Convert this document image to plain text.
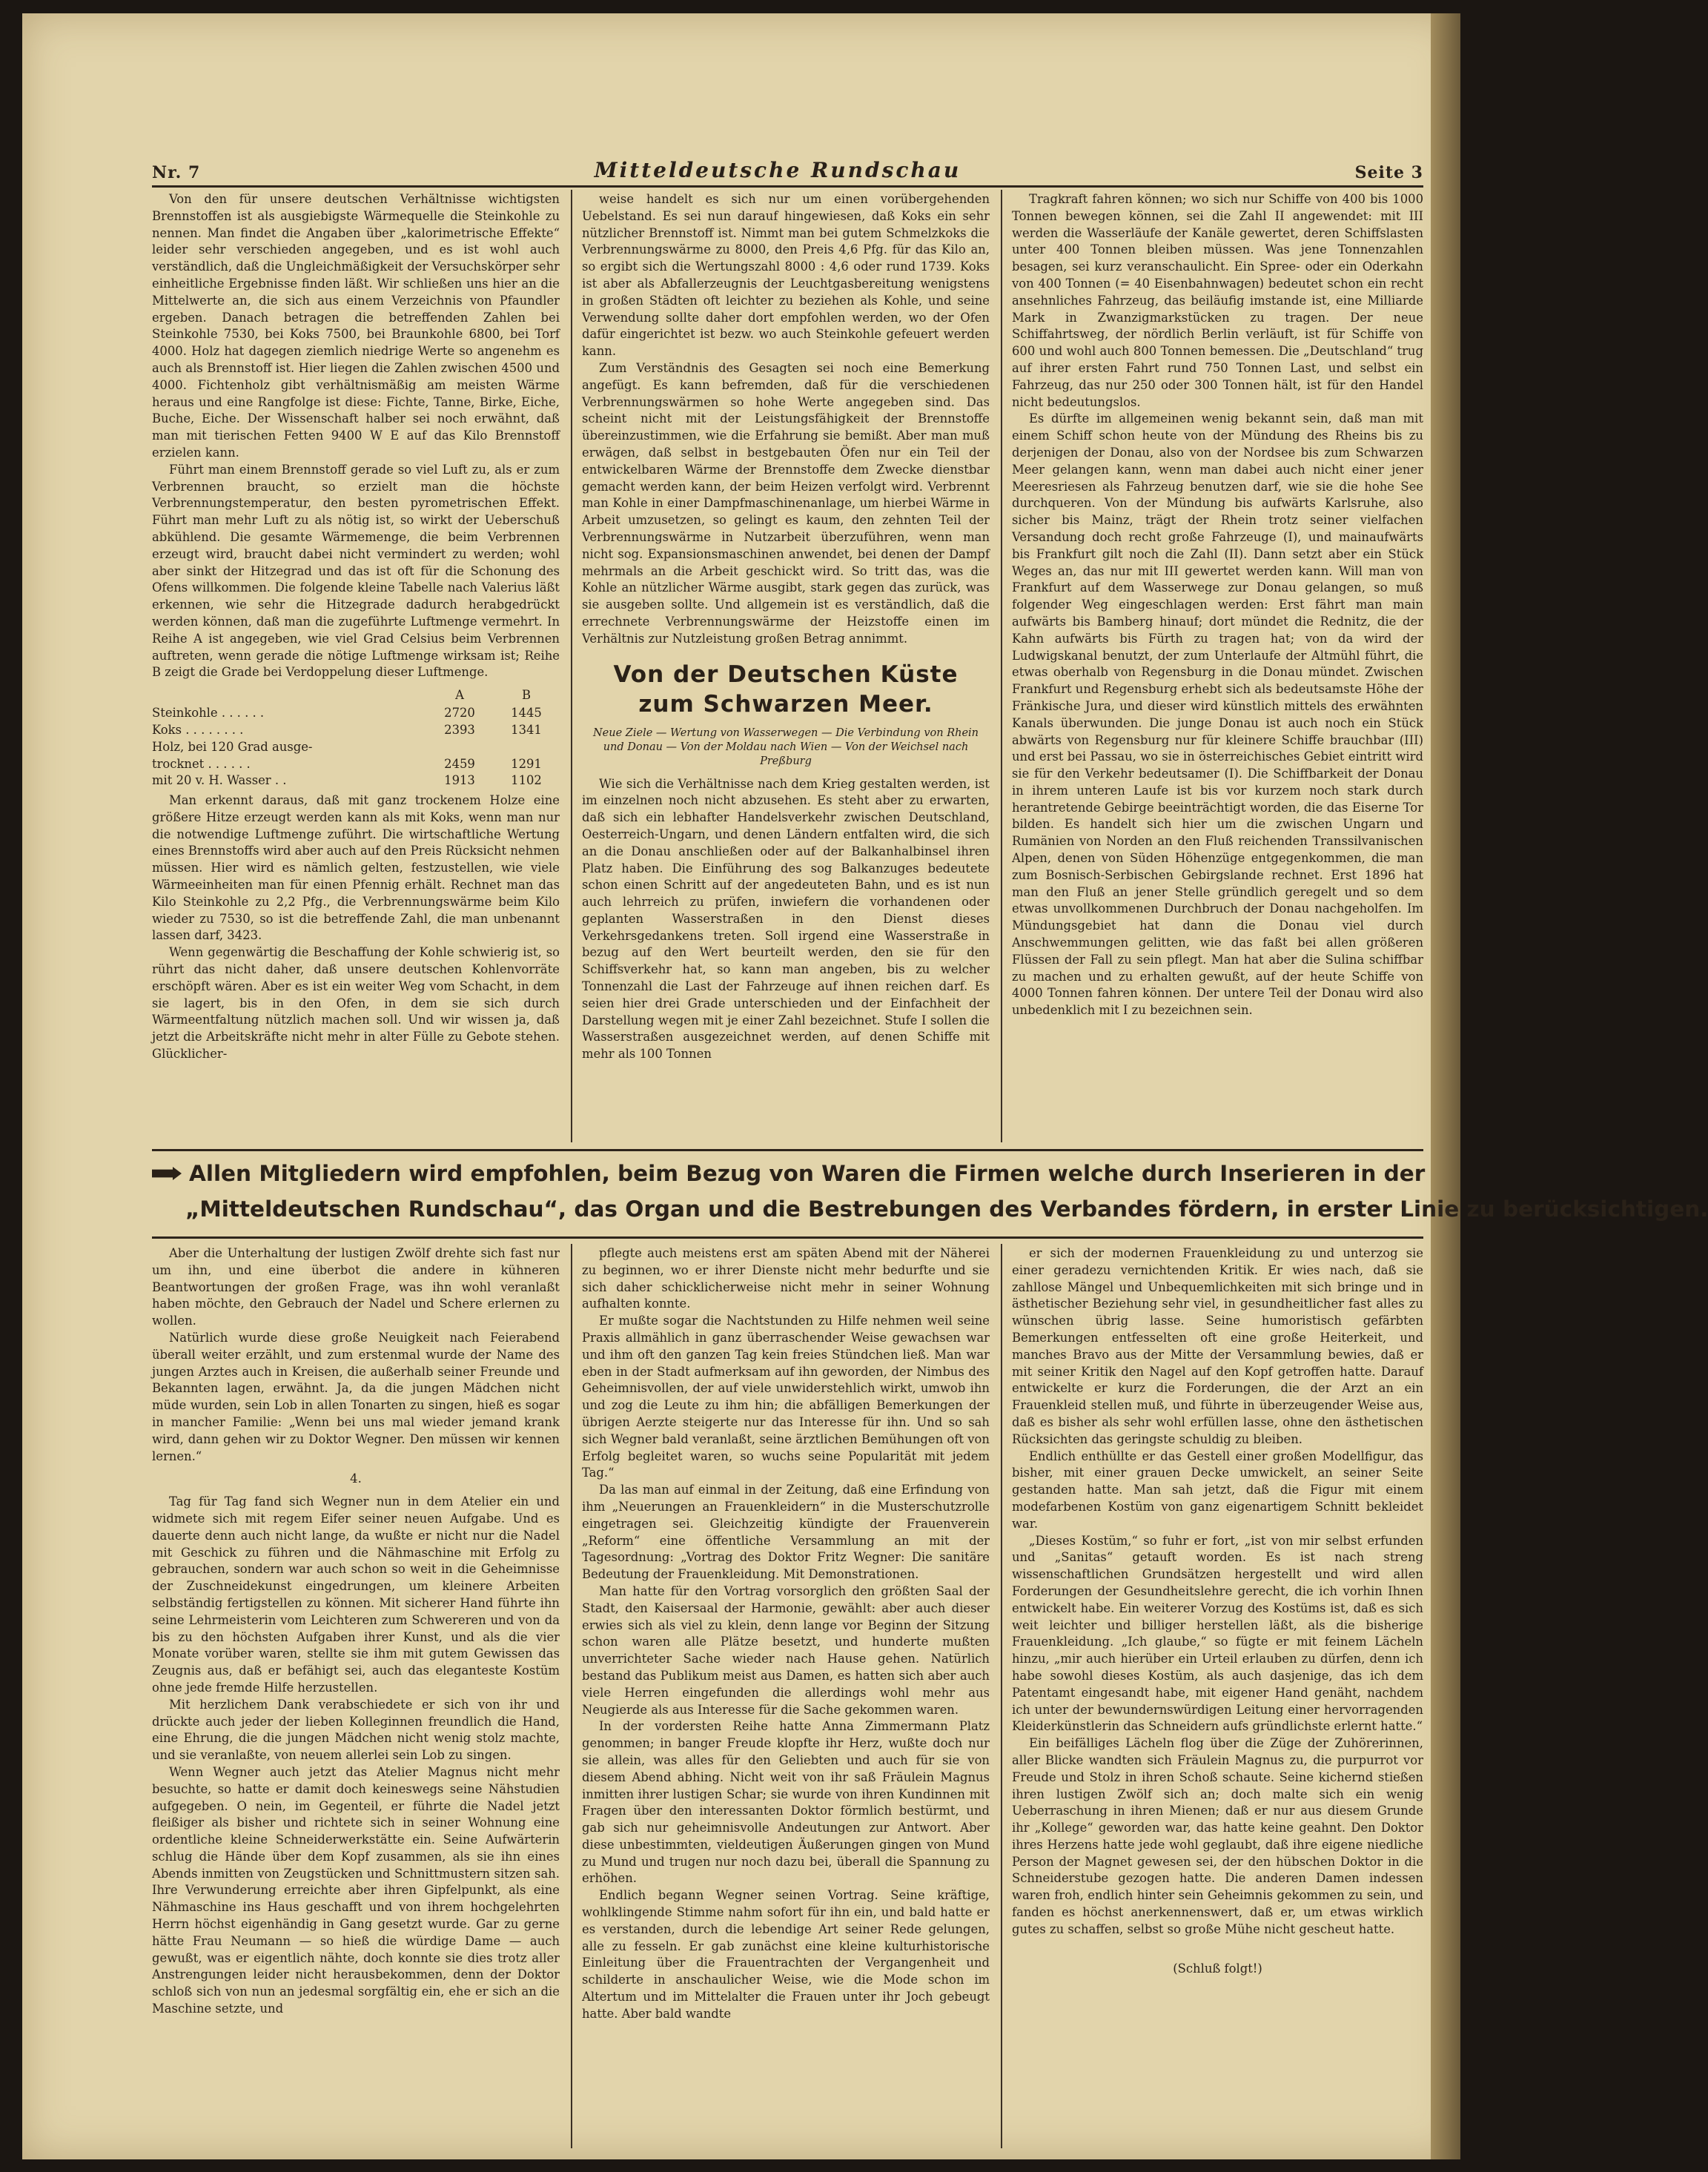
Nr. 7	Mitteldeutsche Rundschau	Seite 3

Von den für unsere deutschen Verhältnisse wichtigsten Brennstoffen ist als ausgiebigste Wärmequelle die Steinkohle zu nennen. Man findet die Angaben über „kalorimetrische Effekte“ leider sehr verschieden angegeben, und es ist wohl auch verständlich, daß die Ungleichmäßigkeit der Versuchskörper sehr einheitliche Ergebnisse finden läßt. Wir schließen uns hier an die Mittelwerte an, die sich aus einem Verzeichnis von Pfaundler ergeben. Danach betragen die betreffenden Zahlen bei Steinkohle 7530, bei Koks 7500, bei Braunkohle 6800, bei Torf 4000. Holz hat dagegen ziemlich niedrige Werte so angenehm es auch als Brennstoff ist. Hier liegen die Zahlen zwischen 4500 und 4000. Fichtenholz gibt verhältnismäßig am meisten Wärme heraus und eine Rangfolge ist diese: Fichte, Tanne, Birke, Eiche, Buche, Eiche. Der Wissenschaft halber sei noch erwähnt, daß man mit tierischen Fetten 9400 W E auf das Kilo Brennstoff erzielen kann.

Führt man einem Brennstoff gerade so viel Luft zu, als er zum Verbrennen braucht, so erzielt man die höchste Verbrennungstemperatur, den besten pyrometrischen Effekt. Führt man mehr Luft zu als nötig ist, so wirkt der Ueberschuß abkühlend. Die gesamte Wärmemenge, die beim Verbrennen erzeugt wird, braucht dabei nicht vermindert zu werden; wohl aber sinkt der Hitzegrad und das ist oft für die Schonung des Ofens willkommen. Die folgende kleine Tabelle nach Valerius läßt erkennen, wie sehr die Hitzegrade dadurch herabgedrückt werden können, daß man die zugeführte Luftmenge vermehrt. In Reihe A ist angegeben, wie viel Grad Celsius beim Verbrennen auftreten, wenn gerade die nötige Luftmenge wirksam ist; Reihe B zeigt die Grade bei Verdoppelung dieser Luftmenge.

	A	B
Steinkohle . . . . . .	2720	1445
Koks . . . . . . . .	2393	1341
Holz, bei 120 Grad ausge-		
trocknet . . . . . .	2459	1291
mit 20 v. H. Wasser . .	1913	1102

Man erkennt daraus, daß mit ganz trockenem Holze eine größere Hitze erzeugt werden kann als mit Koks, wenn man nur die notwendige Luftmenge zuführt. Die wirtschaftliche Wertung eines Brennstoffs wird aber auch auf den Preis Rücksicht nehmen müssen. Hier wird es nämlich gelten, festzustellen, wie viele Wärmeeinheiten man für einen Pfennig erhält. Rechnet man das Kilo Steinkohle zu 2,2 Pfg., die Verbrennungswärme beim Kilo wieder zu 7530, so ist die betreffende Zahl, die man unbenannt lassen darf, 3423.

Wenn gegenwärtig die Beschaffung der Kohle schwierig ist, so rührt das nicht daher, daß unsere deutschen Kohlenvorräte erschöpft wären. Aber es ist ein weiter Weg vom Schacht, in dem sie lagert, bis in den Ofen, in dem sie sich durch Wärmeentfaltung nützlich machen soll. Und wir wissen ja, daß jetzt die Arbeitskräfte nicht mehr in alter Fülle zu Gebote stehen. Glücklicher-

weise handelt es sich nur um einen vorübergehenden Uebelstand. Es sei nun darauf hingewiesen, daß Koks ein sehr nützlicher Brennstoff ist. Nimmt man bei gutem Schmelzkoks die Verbrennungswärme zu 8000, den Preis 4,6 Pfg. für das Kilo an, so ergibt sich die Wertungszahl 8000 : 4,6 oder rund 1739. Koks ist aber als Abfallerzeugnis der Leuchtgasbereitung wenigstens in großen Städten oft leichter zu beziehen als Kohle, und seine Verwendung sollte daher dort empfohlen werden, wo der Ofen dafür eingerichtet ist bezw. wo auch Steinkohle gefeuert werden kann.

Zum Verständnis des Gesagten sei noch eine Bemerkung angefügt. Es kann befremden, daß für die verschiedenen Verbrennungswärmen so hohe Werte angegeben sind. Das scheint nicht mit der Leistungsfähigkeit der Brennstoffe übereinzustimmen, wie die Erfahrung sie bemißt. Aber man muß erwägen, daß selbst in bestgebauten Öfen nur ein Teil der entwickelbaren Wärme der Brennstoffe dem Zwecke dienstbar gemacht werden kann, der beim Heizen verfolgt wird. Verbrennt man Kohle in einer Dampfmaschinenanlage, um hierbei Wärme in Arbeit umzusetzen, so gelingt es kaum, den zehnten Teil der Verbrennungswärme in Nutzarbeit überzuführen, wenn man nicht sog. Expansionsmaschinen anwendet, bei denen der Dampf mehrmals an die Arbeit geschickt wird. So tritt das, was die Kohle an nützlicher Wärme ausgibt, stark gegen das zurück, was sie ausgeben sollte. Und allgemein ist es verständlich, daß die errechnete Verbrennungswärme der Heizstoffe einen im Verhältnis zur Nutzleistung großen Betrag annimmt.

Von der Deutschen Küste zum Schwarzen Meer.
Neue Ziele — Wertung von Wasserwegen — Die Verbindung von Rhein und Donau — Von der Moldau nach Wien — Von der Weichsel nach Preßburg

Wie sich die Verhältnisse nach dem Krieg gestalten werden, ist im einzelnen noch nicht abzusehen. Es steht aber zu erwarten, daß sich ein lebhafter Handelsverkehr zwischen Deutschland, Oesterreich-Ungarn, und denen Ländern entfalten wird, die sich an die Donau anschließen oder auf der Balkanhalbinsel ihren Platz haben. Die Einführung des sog Balkanzuges bedeutete schon einen Schritt auf der angedeuteten Bahn, und es ist nun auch lehrreich zu prüfen, inwiefern die vorhandenen oder geplanten Wasserstraßen in den Dienst dieses Verkehrsgedankens treten. Soll irgend eine Wasserstraße in bezug auf den Wert beurteilt werden, den sie für den Schiffsverkehr hat, so kann man angeben, bis zu welcher Tonnenzahl die Last der Fahrzeuge auf ihnen reichen darf. Es seien hier drei Grade unterschieden und der Einfachheit der Darstellung wegen mit je einer Zahl bezeichnet. Stufe I sollen die Wasserstraßen ausgezeichnet werden, auf denen Schiffe mit mehr als 100 Tonnen

Tragkraft fahren können; wo sich nur Schiffe von 400 bis 1000 Tonnen bewegen können, sei die Zahl II angewendet: mit III werden die Wasserläufe der Kanäle gewertet, deren Schiffslasten unter 400 Tonnen bleiben müssen. Was jene Tonnenzahlen besagen, sei kurz veranschaulicht. Ein Spree- oder ein Oderkahn von 400 Tonnen (= 40 Eisenbahnwagen) bedeutet schon ein recht ansehnliches Fahrzeug, das beiläufig imstande ist, eine Milliarde Mark in Zwanzigmarkstücken zu tragen. Der neue Schiffahrtsweg, der nördlich Berlin verläuft, ist für Schiffe von 600 und wohl auch 800 Tonnen bemessen. Die „Deutschland“ trug auf ihrer ersten Fahrt rund 750 Tonnen Last, und selbst ein Fahrzeug, das nur 250 oder 300 Tonnen hält, ist für den Handel nicht bedeutungslos.

Es dürfte im allgemeinen wenig bekannt sein, daß man mit einem Schiff schon heute von der Mündung des Rheins bis zu derjenigen der Donau, also von der Nordsee bis zum Schwarzen Meer gelangen kann, wenn man dabei auch nicht einer jener Meeresriesen als Fahrzeug benutzen darf, wie sie die hohe See durchqueren. Von der Mündung bis aufwärts Karlsruhe, also sicher bis Mainz, trägt der Rhein trotz seiner vielfachen Versandung doch recht große Fahrzeuge (I), und mainaufwärts bis Frankfurt gilt noch die Zahl (II). Dann setzt aber ein Stück Weges an, das nur mit III gewertet werden kann. Will man von Frankfurt auf dem Wasserwege zur Donau gelangen, so muß folgender Weg eingeschlagen werden: Erst fährt man main aufwärts bis Bamberg hinauf; dort mündet die Rednitz, die der Kahn aufwärts bis Fürth zu tragen hat; von da wird der Ludwigskanal benutzt, der zum Unterlaufe der Altmühl führt, die etwas oberhalb von Regensburg in die Donau mündet. Zwischen Frankfurt und Regensburg erhebt sich als bedeutsamste Höhe der Fränkische Jura, und dieser wird künstlich mittels des erwähnten Kanals überwunden. Die junge Donau ist auch noch ein Stück abwärts von Regensburg nur für kleinere Schiffe brauchbar (III) und erst bei Passau, wo sie in österreichisches Gebiet eintritt wird sie für den Verkehr bedeutsamer (I). Die Schiffbarkeit der Donau in ihrem unteren Laufe ist bis vor kurzem noch stark durch herantretende Gebirge beeinträchtigt worden, die das Eiserne Tor bilden. Es handelt sich hier um die zwischen Ungarn und Rumänien von Norden an den Fluß reichenden Transsilvanischen Alpen, denen von Süden Höhenzüge entgegenkommen, die man zum Bosnisch-Serbischen Gebirgslande rechnet. Erst 1896 hat man den Fluß an jener Stelle gründlich geregelt und so dem etwas unvollkommenen Durchbruch der Donau nachgeholfen. Im Mündungsgebiet hat dann die Donau viel durch Anschwemmungen gelitten, wie das faßt bei allen größeren Flüssen der Fall zu sein pflegt. Man hat aber die Sulina schiffbar zu machen und zu erhalten gewußt, auf der heute Schiffe von 4000 Tonnen fahren können. Der untere Teil der Donau wird also unbedenklich mit I zu bezeichnen sein.

Allen Mitgliedern wird empfohlen, beim Bezug von Waren die Firmen welche durch Inserieren in der
„Mitteldeutschen Rundschau“, das Organ und die Bestrebungen des Verbandes fördern, in erster Linie zu berücksichtigen.

Aber die Unterhaltung der lustigen Zwölf drehte sich fast nur um ihn, und eine überbot die andere in kühneren Beantwortungen der großen Frage, was ihn wohl veranlaßt haben möchte, den Gebrauch der Nadel und Schere erlernen zu wollen.

Natürlich wurde diese große Neuigkeit nach Feierabend überall weiter erzählt, und zum erstenmal wurde der Name des jungen Arztes auch in Kreisen, die außerhalb seiner Freunde und Bekannten lagen, erwähnt. Ja, da die jungen Mädchen nicht müde wurden, sein Lob in allen Tonarten zu singen, hieß es sogar in mancher Familie: „Wenn bei uns mal wieder jemand krank wird, dann gehen wir zu Doktor Wegner. Den müssen wir kennen lernen.“

4.

Tag für Tag fand sich Wegner nun in dem Atelier ein und widmete sich mit regem Eifer seiner neuen Aufgabe. Und es dauerte denn auch nicht lange, da wußte er nicht nur die Nadel mit Geschick zu führen und die Nähmaschine mit Erfolg zu gebrauchen, sondern war auch schon so weit in die Geheimnisse der Zuschneidekunst eingedrungen, um kleinere Arbeiten selbständig fertigstellen zu können. Mit sicherer Hand führte ihn seine Lehrmeisterin vom Leichteren zum Schwereren und von da bis zu den höchsten Aufgaben ihrer Kunst, und als die vier Monate vorüber waren, stellte sie ihm mit gutem Gewissen das Zeugnis aus, daß er befähigt sei, auch das eleganteste Kostüm ohne jede fremde Hilfe herzustellen.

Mit herzlichem Dank verabschiedete er sich von ihr und drückte auch jeder der lieben Kolleginnen freundlich die Hand, eine Ehrung, die die jungen Mädchen nicht wenig stolz machte, und sie veranlaßte, von neuem allerlei sein Lob zu singen.

Wenn Wegner auch jetzt das Atelier Magnus nicht mehr besuchte, so hatte er damit doch keineswegs seine Nähstudien aufgegeben. O nein, im Gegenteil, er führte die Nadel jetzt fleißiger als bisher und richtete sich in seiner Wohnung eine ordentliche kleine Schneiderwerkstätte ein. Seine Aufwärterin schlug die Hände über dem Kopf zusammen, als sie ihn eines Abends inmitten von Zeugstücken und Schnittmustern sitzen sah. Ihre Verwunderung erreichte aber ihren Gipfelpunkt, als eine Nähmaschine ins Haus geschafft und von ihrem hochgelehrten Herrn höchst eigenhändig in Gang gesetzt wurde. Gar zu gerne hätte Frau Neumann — so hieß die würdige Dame — auch gewußt, was er eigentlich nähte, doch konnte sie dies trotz aller Anstrengungen leider nicht herausbekommen, denn der Doktor schloß sich von nun an jedesmal sorgfältig ein, ehe er sich an die Maschine setzte, und

pflegte auch meistens erst am späten Abend mit der Näherei zu beginnen, wo er ihrer Dienste nicht mehr bedurfte und sie sich daher schicklicherweise nicht mehr in seiner Wohnung aufhalten konnte.

Er mußte sogar die Nachtstunden zu Hilfe nehmen weil seine Praxis allmählich in ganz überraschender Weise gewachsen war und ihm oft den ganzen Tag kein freies Stündchen ließ. Man war eben in der Stadt aufmerksam auf ihn geworden, der Nimbus des Geheimnisvollen, der auf viele unwiderstehlich wirkt, umwob ihn und zog die Leute zu ihm hin; die abfälligen Bemerkungen der übrigen Aerzte steigerte nur das Interesse für ihn. Und so sah sich Wegner bald veranlaßt, seine ärztlichen Bemühungen oft von Erfolg begleitet waren, so wuchs seine Popularität mit jedem Tag.“

Da las man auf einmal in der Zeitung, daß eine Erfindung von ihm „Neuerungen an Frauenkleidern“ in die Musterschutzrolle eingetragen sei. Gleichzeitig kündigte der Frauenverein „Reform“ eine öffentliche Versammlung an mit der Tagesordnung: „Vortrag des Doktor Fritz Wegner: Die sanitäre Bedeutung der Frauenkleidung. Mit Demonstrationen.

Man hatte für den Vortrag vorsorglich den größten Saal der Stadt, den Kaisersaal der Harmonie, gewählt: aber auch dieser erwies sich als viel zu klein, denn lange vor Beginn der Sitzung schon waren alle Plätze besetzt, und hunderte mußten unverrichteter Sache wieder nach Hause gehen. Natürlich bestand das Publikum meist aus Damen, es hatten sich aber auch viele Herren eingefunden die allerdings wohl mehr aus Neugierde als aus Interesse für die Sache gekommen waren.

In der vordersten Reihe hatte Anna Zimmermann Platz genommen; in banger Freude klopfte ihr Herz, wußte doch nur sie allein, was alles für den Geliebten und auch für sie von diesem Abend abhing. Nicht weit von ihr saß Fräulein Magnus inmitten ihrer lustigen Schar; sie wurde von ihren Kundinnen mit Fragen über den interessanten Doktor förmlich bestürmt, und gab sich nur geheimnisvolle Andeutungen zur Antwort. Aber diese unbestimmten, vieldeutigen Äußerungen gingen von Mund zu Mund und trugen nur noch dazu bei, überall die Spannung zu erhöhen.

Endlich begann Wegner seinen Vortrag. Seine kräftige, wohlklingende Stimme nahm sofort für ihn ein, und bald hatte er es verstanden, durch die lebendige Art seiner Rede gelungen, alle zu fesseln. Er gab zunächst eine kleine kulturhistorische Einleitung über die Frauentrachten der Vergangenheit und schilderte in anschaulicher Weise, wie die Mode schon im Altertum und im Mittelalter die Frauen unter ihr Joch gebeugt hatte. Aber bald wandte

er sich der modernen Frauenkleidung zu und unterzog sie einer geradezu vernichtenden Kritik. Er wies nach, daß sie zahllose Mängel und Unbequemlichkeiten mit sich bringe und in ästhetischer Beziehung sehr viel, in gesundheitlicher fast alles zu wünschen übrig lasse. Seine humoristisch gefärbten Bemerkungen entfesselten oft eine große Heiterkeit, und manches Bravo aus der Mitte der Versammlung bewies, daß er mit seiner Kritik den Nagel auf den Kopf getroffen hatte. Darauf entwickelte er kurz die Forderungen, die der Arzt an ein Frauenkleid stellen muß, und führte in überzeugender Weise aus, daß es bisher als sehr wohl erfüllen lasse, ohne den ästhetischen Rücksichten das geringste schuldig zu bleiben.

Endlich enthüllte er das Gestell einer großen Modellfigur, das bisher, mit einer grauen Decke umwickelt, an seiner Seite gestanden hatte. Man sah jetzt, daß die Figur mit einem modefarbenen Kostüm von ganz eigenartigem Schnitt bekleidet war.

„Dieses Kostüm,“ so fuhr er fort, „ist von mir selbst erfunden und „Sanitas“ getauft worden. Es ist nach streng wissenschaftlichen Grundsätzen hergestellt und wird allen Forderungen der Gesundheitslehre gerecht, die ich vorhin Ihnen entwickelt habe. Ein weiterer Vorzug des Kostüms ist, daß es sich weit leichter und billiger herstellen läßt, als die bisherige Frauenkleidung. „Ich glaube,“ so fügte er mit feinem Lächeln hinzu, „mir auch hierüber ein Urteil erlauben zu dürfen, denn ich habe sowohl dieses Kostüm, als auch dasjenige, das ich dem Patentamt eingesandt habe, mit eigener Hand genäht, nachdem ich unter der bewundernswürdigen Leitung einer hervorragenden Kleiderkünstlerin das Schneidern aufs gründlichste erlernt hatte.“

Ein beifälliges Lächeln flog über die Züge der Zuhörerinnen, aller Blicke wandten sich Fräulein Magnus zu, die purpurrot vor Freude und Stolz in ihren Schoß schaute. Seine kichernd stießen ihren lustigen Zwölf sich an; doch malte sich ein wenig Ueberraschung in ihren Mienen; daß er nur aus diesem Grunde ihr „Kollege“ geworden war, das hatte keine geahnt. Den Doktor ihres Herzens hatte jede wohl geglaubt, daß ihre eigene niedliche Person der Magnet gewesen sei, der den hübschen Doktor in die Schneiderstube gezogen hatte. Die anderen Damen indessen waren froh, endlich hinter sein Geheimnis gekommen zu sein, und fanden es höchst anerkennenswert, daß er, um etwas wirklich gutes zu schaffen, selbst so große Mühe nicht gescheut hatte.

(Schluß folgt!)
